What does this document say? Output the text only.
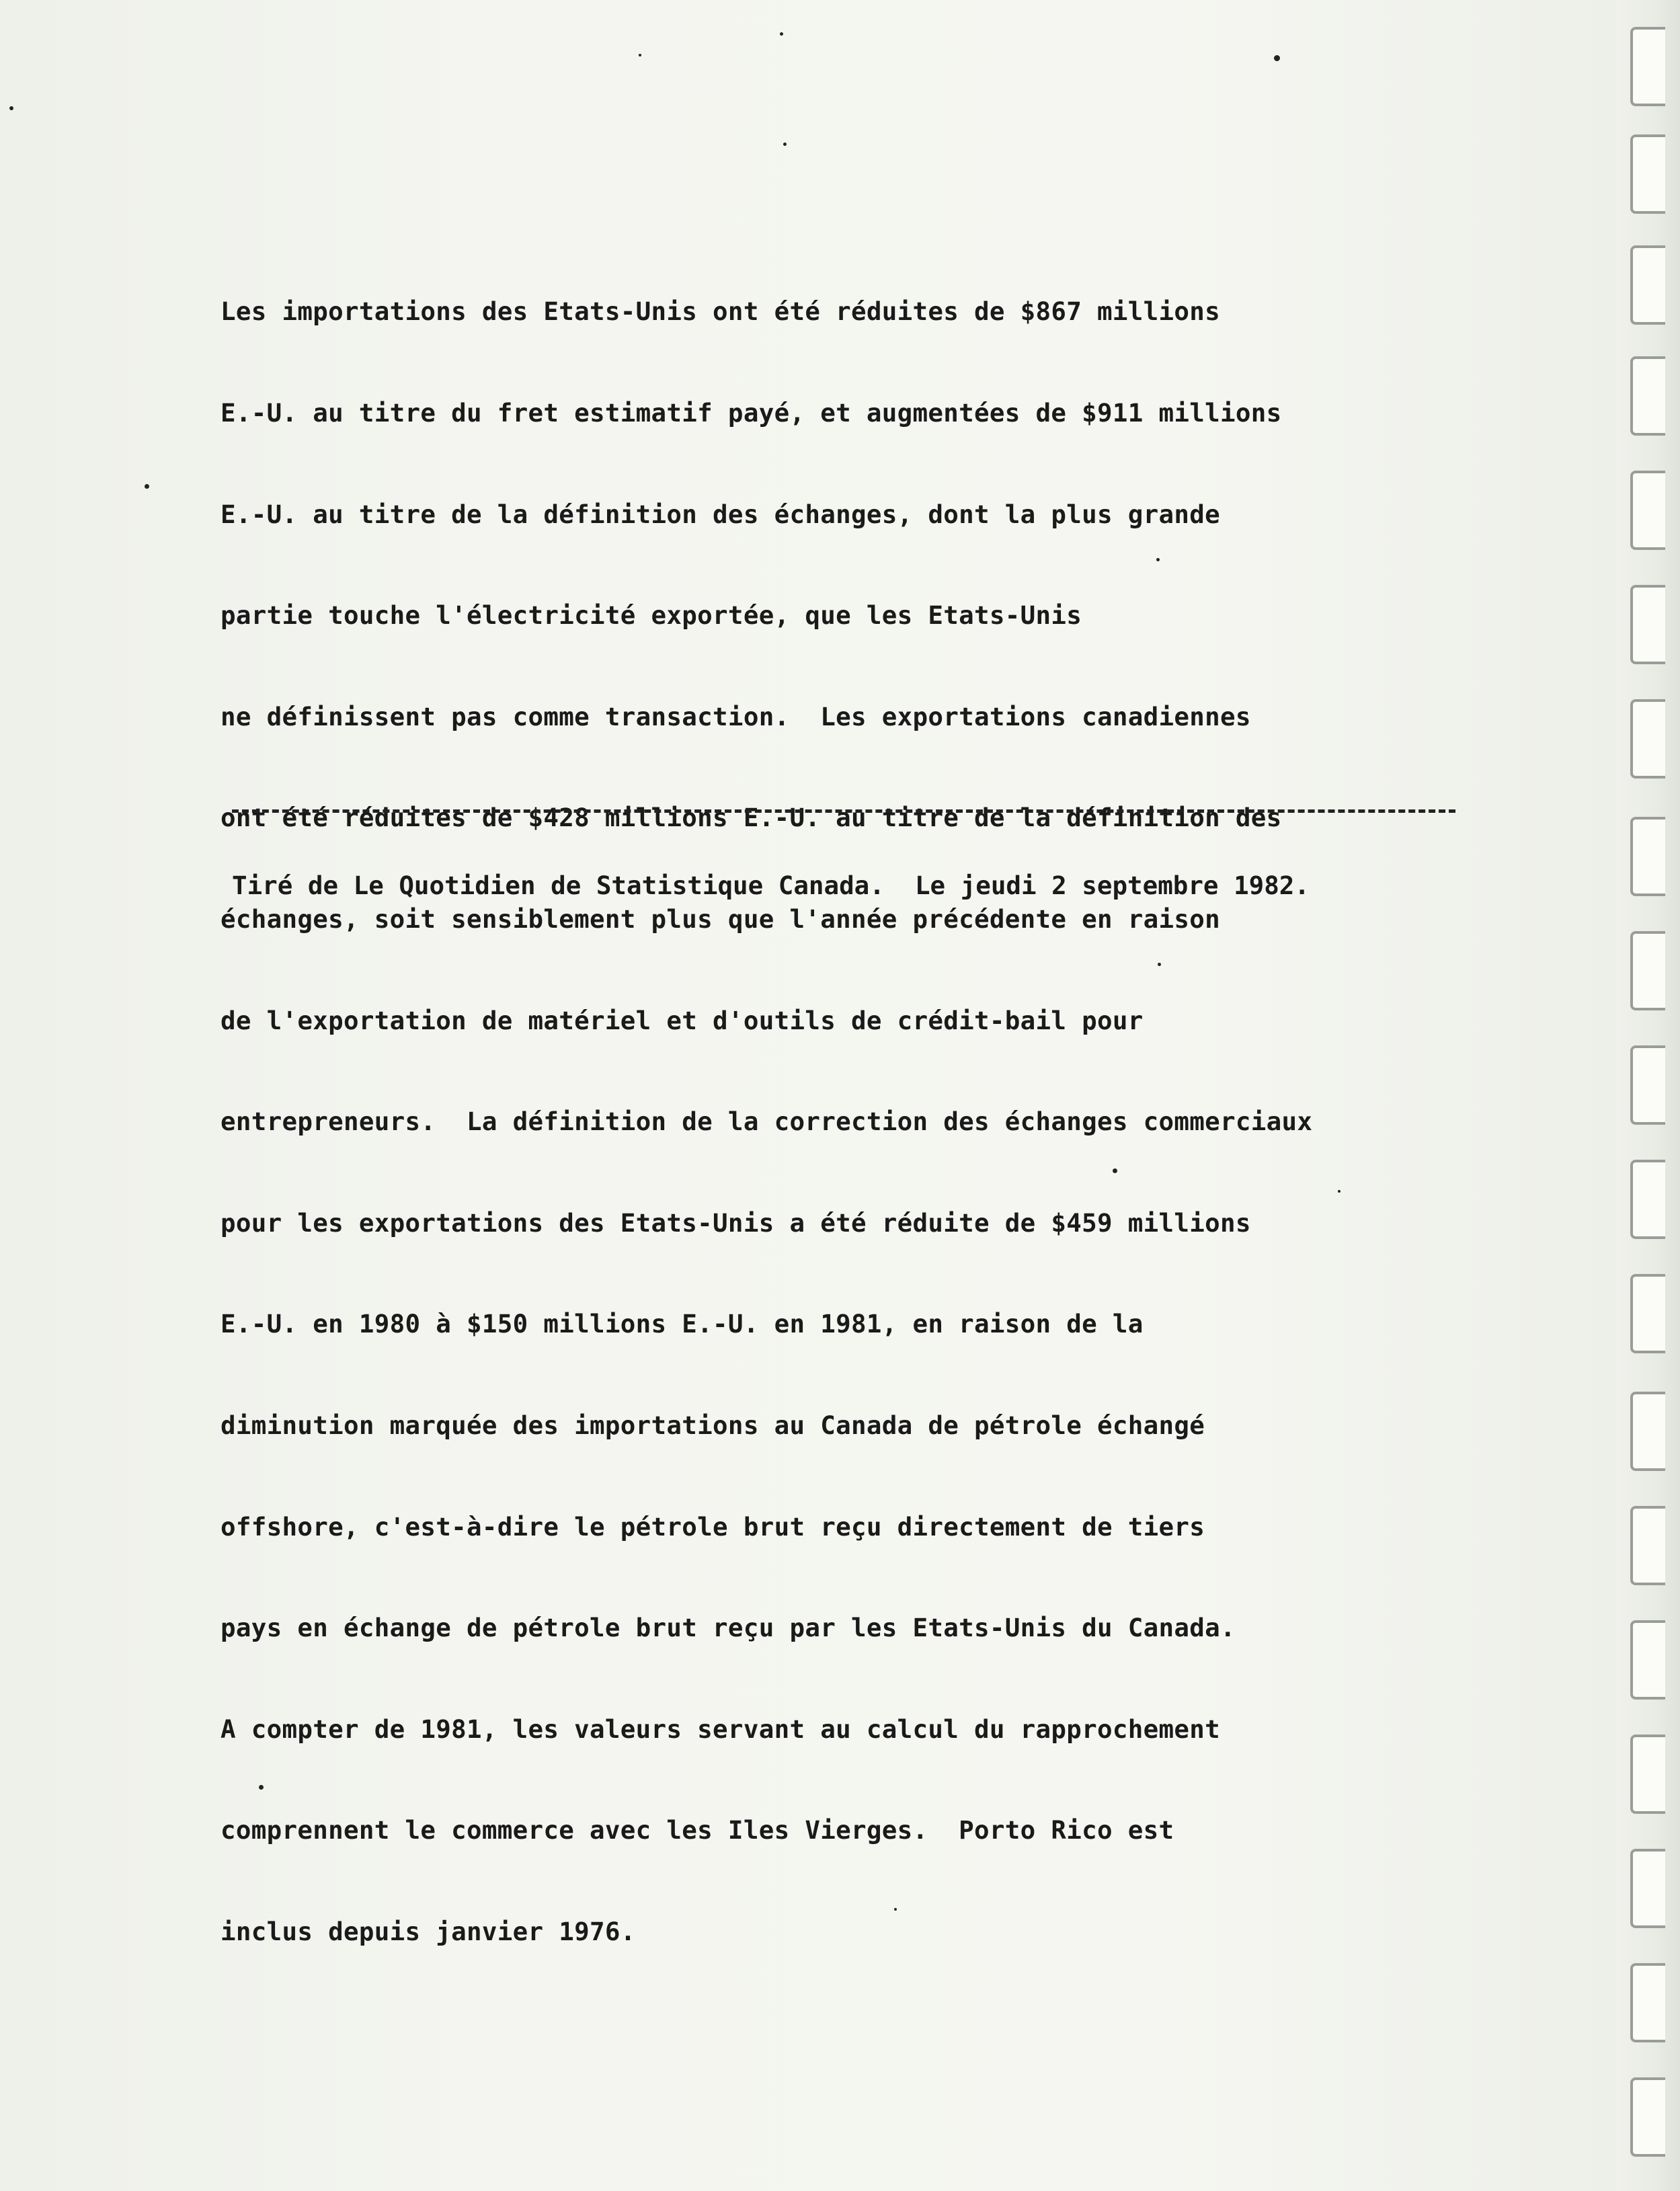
Les importations des Etats-Unis ont été réduites de $867 millions

E.-U. au titre du fret estimatif payé, et augmentées de $911 millions

E.-U. au titre de la définition des échanges, dont la plus grande

partie touche l'électricité exportée, que les Etats-Unis

ne définissent pas comme transaction.  Les exportations canadiennes

ont été réduites de $428 millions E.-U. au titre de la définition des

échanges, soit sensiblement plus que l'année précédente en raison

de l'exportation de matériel et d'outils de crédit-bail pour

entrepreneurs.  La définition de la correction des échanges commerciaux

pour les exportations des Etats-Unis a été réduite de $459 millions

E.-U. en 1980 à $150 millions E.-U. en 1981, en raison de la

diminution marquée des importations au Canada de pétrole échangé

offshore, c'est-à-dire le pétrole brut reçu directement de tiers

pays en échange de pétrole brut reçu par les Etats-Unis du Canada.

A compter de 1981, les valeurs servant au calcul du rapprochement

comprennent le commerce avec les Iles Vierges.  Porto Rico est

inclus depuis janvier 1976.

Tiré de Le Quotidien de Statistique Canada.  Le jeudi 2 septembre 1982.
